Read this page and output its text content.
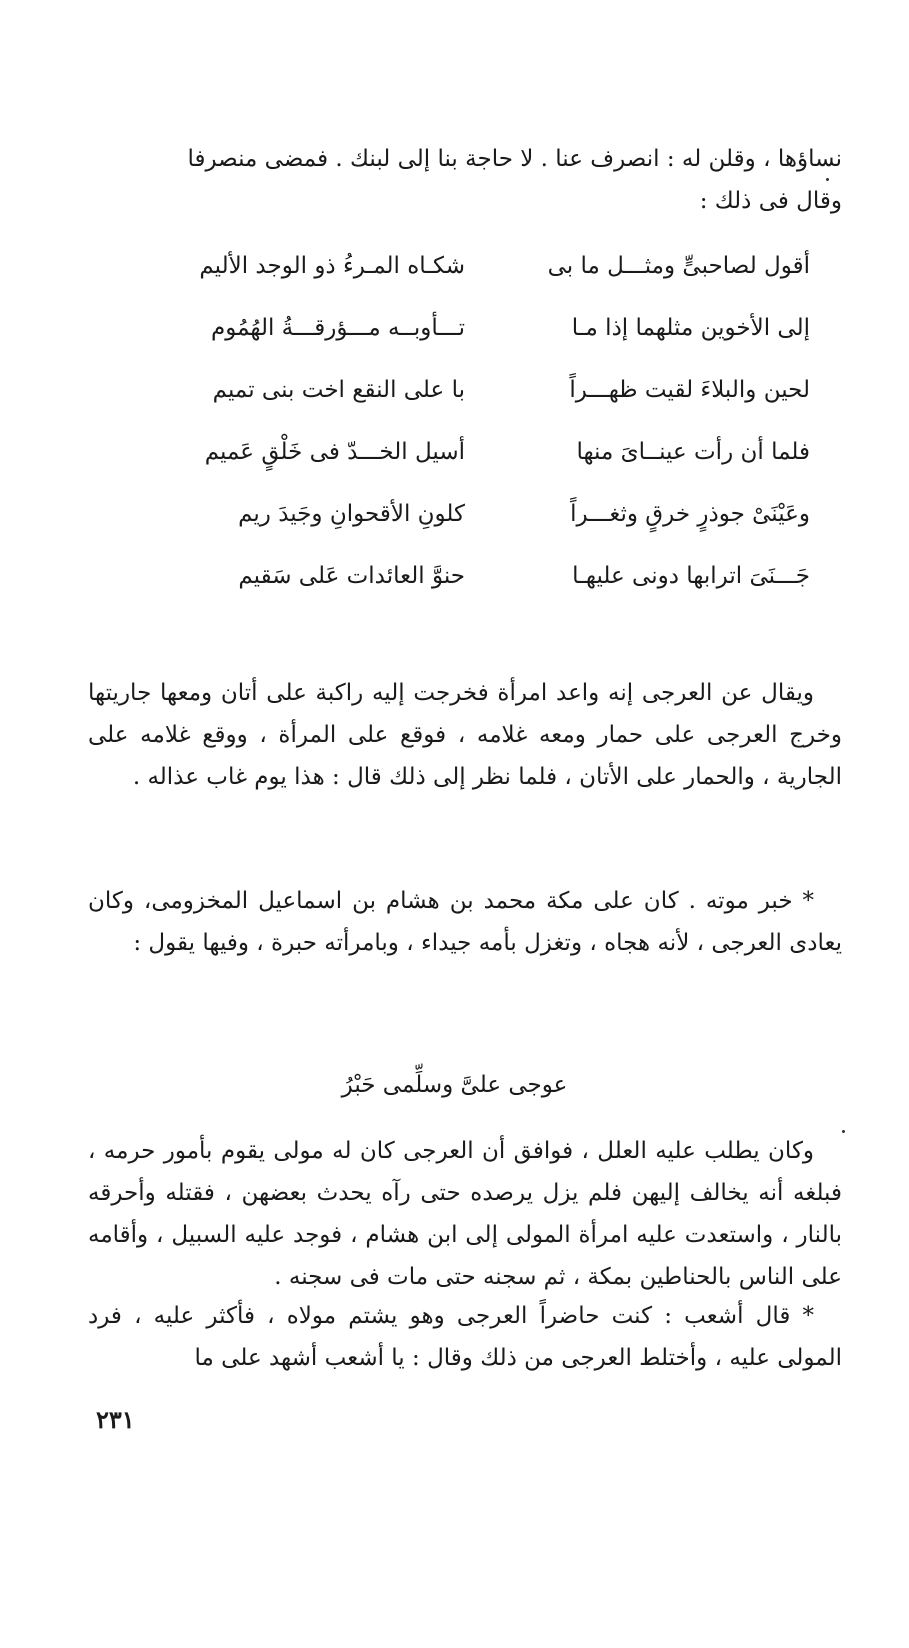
نساؤها ، وقلن له : انصرف عنا . لا حاجة بنا إلى لبنك . فمضى منصرفا

وقال فى ذلك :

أقول لصاحبىٍّ ومثـــل ما بى
شكـاه المـرءُ ذو الوجد الأليم
إلى الأخوين مثلهما إذا مـا
تـــأوبــه مـــؤرقـــةُ الهُمُوم
لحين والبلاءَ لقيت ظهـــراً
با على النقع اخت بنى تميم
فلما أن رأت عينــاىَ منها
أسيل الخـــدّ فى خَلْقٍ عَميم
وعَيْنَىْ جوذرٍ خرقٍ وثغـــراً
كلونِ الأقحوانِ وجَيدَ ريم
جَـــنَىَ اترابها دونى عليهـا
حنوَّ العائدات عَلى سَقيم

ويقال عن العرجى إنه واعد امرأة فخرجت إليه راكبة على أتان ومعها جاريتها وخرج العرجى على حمار ومعه غلامه ، فوقع على المرأة ، ووقع غلامه على الجارية ، والحمار على الأتان ، فلما نظر إلى ذلك قال : هذا يوم غاب عذاله .

* خبر موته . كان على مكة محمد بن هشام بن اسماعيل المخزومى، وكان يعادى العرجى ، لأنه هجاه ، وتغزل بأمه جيداء ، وبامرأته حبرة ، وفيها يقول :

عوجى علىَّ وسلِّمى حَبْرُ

وكان يطلب عليه العلل ، فوافق أن العرجى كان له مولى يقوم بأمور حرمه ، فبلغه أنه يخالف إليهن فلم يزل يرصده حتى رآه يحدث بعضهن ، فقتله وأحرقه بالنار ، واستعدت عليه امرأة المولى إلى ابن هشام ، فوجد عليه السبيل ، وأقامه على الناس بالحناطين بمكة ، ثم سجنه حتى مات فى سجنه .

* قال أشعب : كنت حاضراً العرجى وهو يشتم مولاه ، فأكثر عليه ، فرد المولى عليه ، وأختلط العرجى من ذلك وقال : يا أشعب أشهد على ما

٢٣١
